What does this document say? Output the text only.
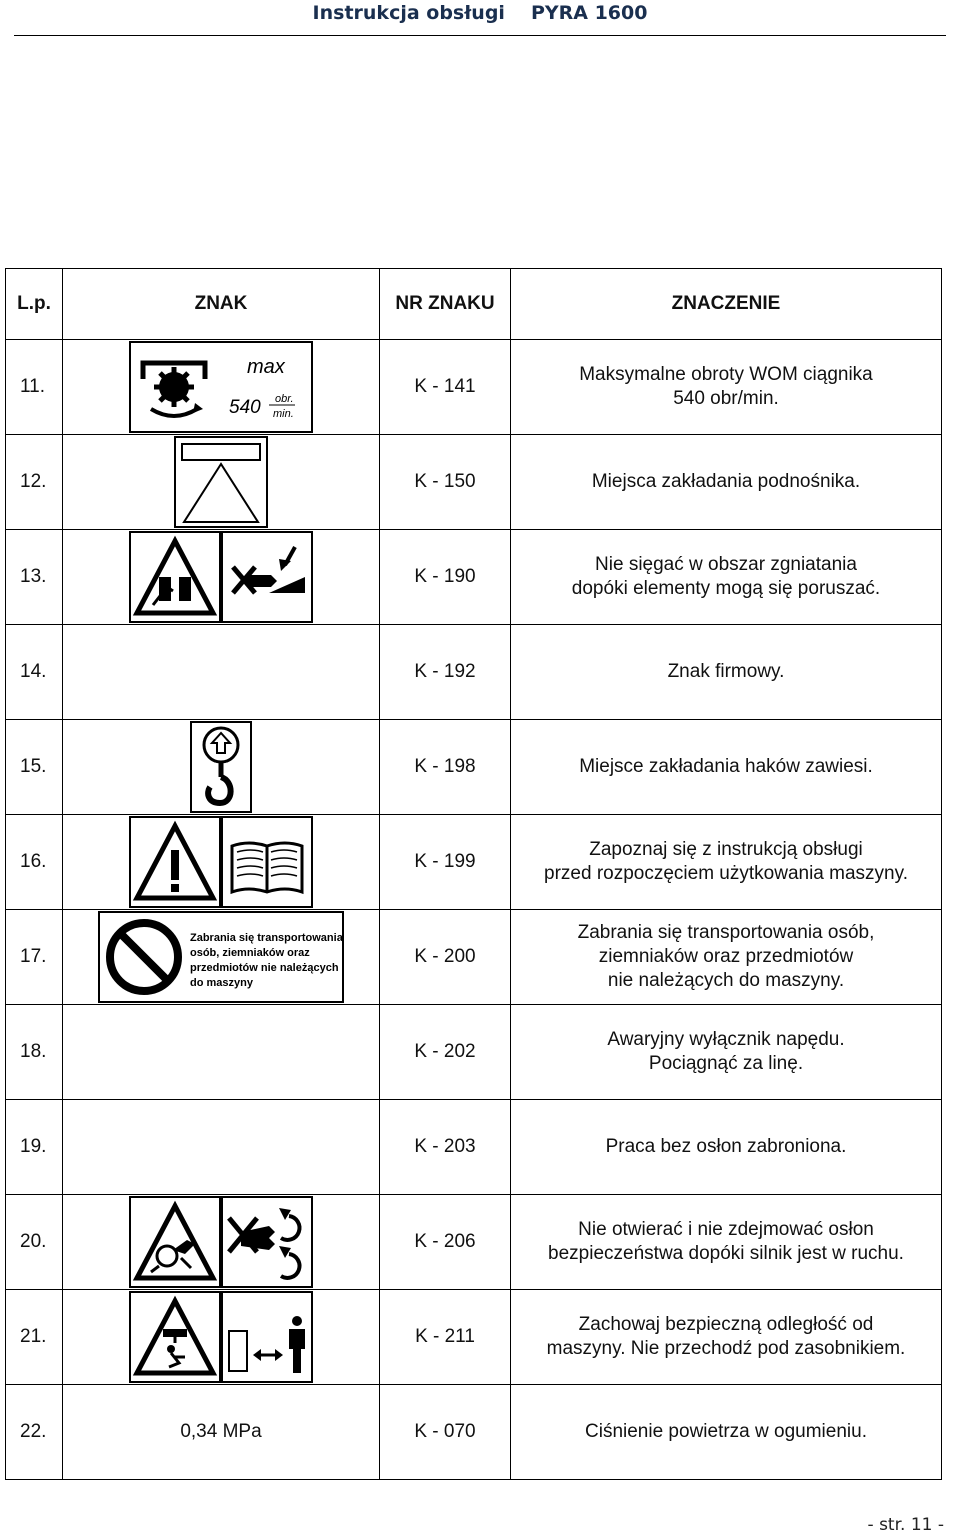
Instrukcja obsługi PYRA 1600
L.p.	ZNAK	NR ZNAKU	ZNACZENIE
11.	max
540 obr.
min.	K - 141	Maksymalne obroty WOM ciągnika
540 obr/min.

12.		K - 150	Miejsca zakładania podnośnika.

13.		K - 190	Nie sięgać w obszar zgniatania
dopóki elementy mogą się poruszać.

14.		K - 192	Znak firmowy.

15.		K - 198	Miejsce zakładania haków zawiesi.

16.		K - 199	Zapoznaj się z instrukcją obsługi
przed rozpoczęciem użytkowania maszyny.

17.	Zabrania się transportowania
osób, ziemniaków oraz
przedmiotów nie należących
do maszyny	K - 200	Zabrania się transportowania osób,
ziemniaków oraz przedmiotów
nie należących do maszyny.

18.		K - 202	Awaryjny wyłącznik napędu.
Pociągnąć za linę.

19.		K - 203	Praca bez osłon zabroniona.

20.		K - 206	Nie otwierać i nie zdejmować osłon
bezpieczeństwa dopóki silnik jest w ruchu.

21.		K - 211	Zachowaj bezpieczną odległość od
maszyny. Nie przechodź pod zasobnikiem.

22.	0,34 MPa	K - 070	Ciśnienie powietrza w ogumieniu.
- str. 11 -
